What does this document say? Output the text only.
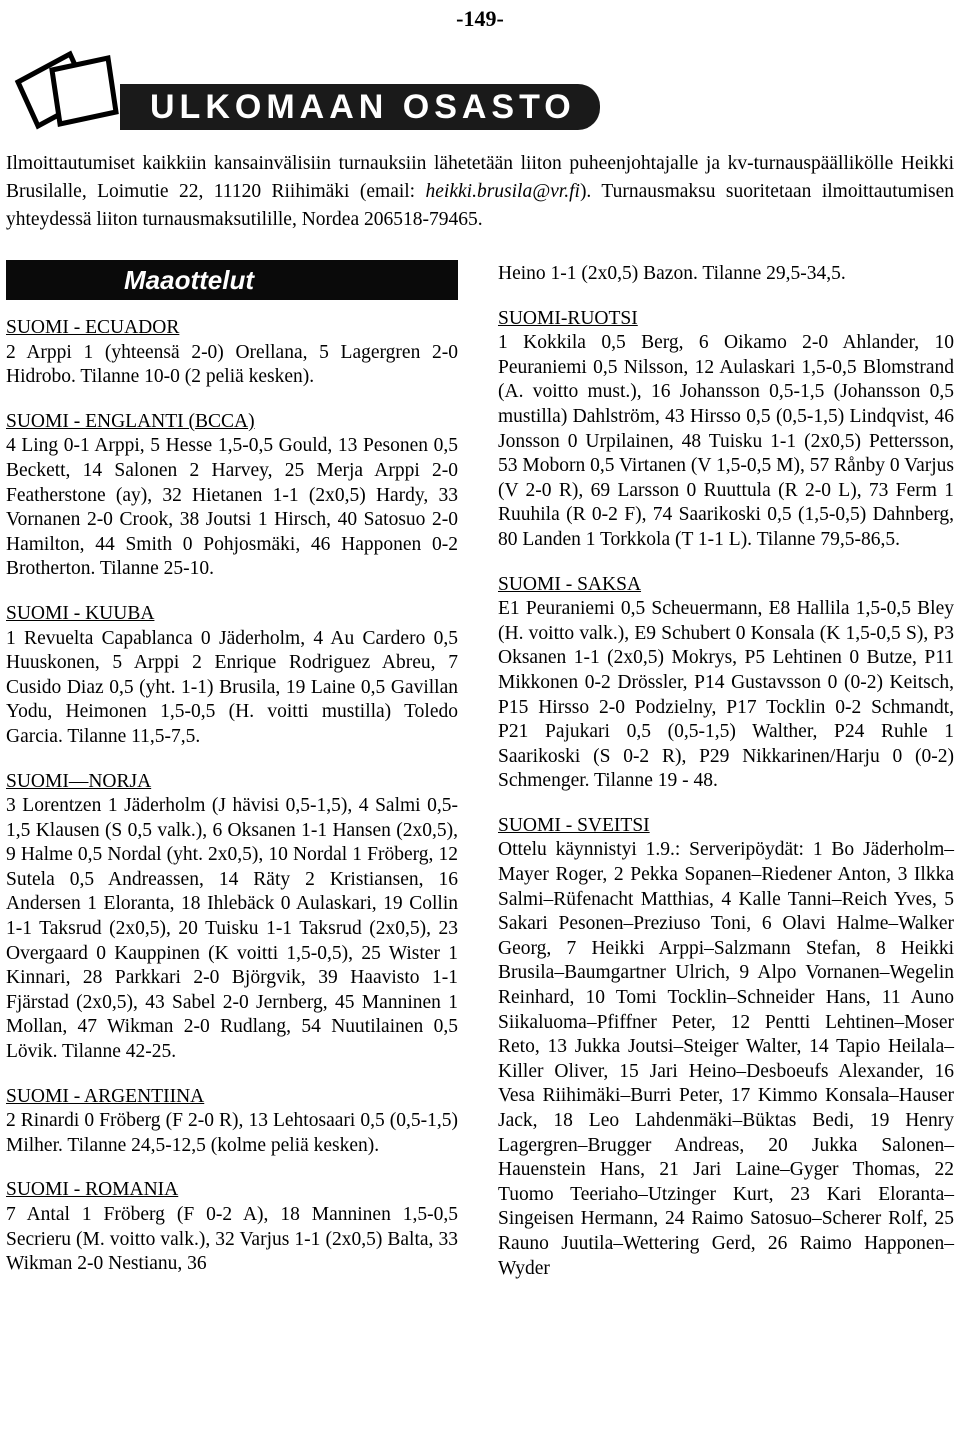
-149-
ULKOMAAN OSASTO
Ilmoittautumiset kaikkiin kansainvälisiin turnauksiin lähetetään liiton puheenjohtajalle ja kv-turnauspäällikölle Heikki Brusilalle, Loimutie 22, 11120 Riihimäki (email: heikki.brusila@vr.fi). Turnausmaksu suoritetaan ilmoittautumisen yhteydessä liiton turnausmaksutilille, Nordea 206518-79465.
Maaottelut
SUOMI - ECUADOR

2 Arppi 1 (yhteensä 2-0) Orellana, 5 Lagergren 2-0 Hidrobo. Tilanne 10-0 (2 peliä kesken).

SUOMI - ENGLANTI (BCCA)

4 Ling 0-1 Arppi, 5 Hesse 1,5-0,5 Gould, 13 Pesonen 0,5 Beckett, 14 Salonen 2 Harvey, 25 Merja Arppi 2-0 Featherstone (ay), 32 Hietanen 1-1 (2x0,5) Hardy, 33 Vornanen 2-0 Crook, 38 Joutsi 1 Hirsch, 40 Satosuo 2-0 Hamilton, 44 Smith 0 Pohjosmäki, 46 Happonen 0-2 Brotherton. Tilanne 25-10.

SUOMI - KUUBA

1 Revuelta Capablanca 0 Jäderholm, 4 Au Cardero 0,5 Huuskonen, 5 Arppi 2 Enrique Rodriguez Abreu, 7 Cusido Diaz 0,5 (yht. 1-1) Brusila, 19 Laine 0,5 Gavillan Yodu, Heimonen 1,5-0,5 (H. voitti mustilla) Toledo Garcia. Tilanne 11,5-7,5.

SUOMI—NORJA

3 Lorentzen 1 Jäderholm (J hävisi 0,5-1,5), 4 Salmi 0,5-1,5 Klausen (S 0,5 valk.), 6 Oksanen 1-1 Hansen (2x0,5), 9 Halme 0,5 Nordal (yht. 2x0,5), 10 Nordal 1 Fröberg, 12 Sutela 0,5 Andreassen, 14 Räty 2 Kristiansen, 16 Andersen 1 Eloranta, 18 Ihlebäck 0 Aulaskari, 19 Collin 1-1 Taksrud (2x0,5), 20 Tuisku 1-1 Taksrud (2x0,5), 23 Overgaard 0 Kauppinen (K voitti 1,5-0,5), 25 Wister 1 Kinnari, 28 Parkkari 2-0 Björgvik, 39 Haavisto 1-1 Fjärstad (2x0,5), 43 Sabel 2-0 Jernberg, 45 Manninen 1 Mollan, 47 Wikman 2-0 Rudlang, 54 Nuutilainen 0,5 Lövik. Tilanne 42-25.

SUOMI - ARGENTIINA

2 Rinardi 0 Fröberg (F 2-0 R), 13 Lehtosaari 0,5 (0,5-1,5) Milher. Tilanne 24,5-12,5 (kolme peliä kesken).

SUOMI - ROMANIA

7 Antal 1 Fröberg (F 0-2 A), 18 Manninen 1,5-0,5 Secrieru (M. voitto valk.), 32 Varjus 1-1 (2x0,5) Balta, 33 Wikman 2-0 Nestianu, 36

Heino 1-1 (2x0,5) Bazon. Tilanne 29,5-34,5.

SUOMI-RUOTSI

1 Kokkila 0,5 Berg, 6 Oikamo 2-0 Ahlander, 10 Peuraniemi 0,5 Nilsson, 12 Aulaskari 1,5-0,5 Blomstrand (A. voitto must.), 16 Johansson 0,5-1,5 (Johansson 0,5 mustilla) Dahlström, 43 Hirsso 0,5 (0,5-1,5) Lindqvist, 46 Jonsson 0 Urpilainen, 48 Tuisku 1-1 (2x0,5) Pettersson, 53 Moborn 0,5 Virtanen (V 1,5-0,5 M), 57 Rånby 0 Varjus (V 2-0 R), 69 Larsson 0 Ruuttula (R 2-0 L), 73 Ferm 1 Ruuhila (R 0-2 F), 74 Saarikoski 0,5 (1,5-0,5) Dahnberg, 80 Landen 1 Torkkola (T 1-1 L). Tilanne 79,5-86,5.

SUOMI - SAKSA

E1 Peuraniemi 0,5 Scheuermann, E8 Hallila 1,5-0,5 Bley (H. voitto valk.), E9 Schubert 0 Konsala (K 1,5-0,5 S), P3 Oksanen 1-1 (2x0,5) Mokrys, P5 Lehtinen 0 Butze, P11 Mikkonen 0-2 Drössler, P14 Gustavsson 0 (0-2) Keitsch, P15 Hirsso 2-0 Podzielny, P17 Tocklin 0-2 Schmandt, P21 Pajukari 0,5 (0,5-1,5) Walther, P24 Ruhle 1 Saarikoski (S 0-2 R), P29 Nikkarinen/Harju 0 (0-2) Schmenger. Tilanne 19 - 48.

SUOMI - SVEITSI

Ottelu käynnistyi 1.9.: Serveripöydät: 1 Bo Jäderholm–Mayer Roger, 2 Pekka Sopanen–Riedener Anton, 3 Ilkka Salmi–Rüfenacht Matthias, 4 Kalle Tanni–Reich Yves, 5 Sakari Pesonen–Preziuso Toni, 6 Olavi Halme–Walker Georg, 7 Heikki Arppi–Salzmann Stefan, 8 Heikki Brusila–Baumgartner Ulrich, 9 Alpo Vornanen–Wegelin Reinhard, 10 Tomi Tocklin–Schneider Hans, 11 Auno Siikaluoma–Pfiffner Peter, 12 Pentti Lehtinen–Moser Reto, 13 Jukka Joutsi–Steiger Walter, 14 Tapio Heilala–Killer Oliver, 15 Jari Heino–Desboeufs Alexander, 16 Vesa Riihimäki–Burri Peter, 17 Kimmo Konsala–Hauser Jack, 18 Leo Lahdenmäki–Büktas Bedi, 19 Henry Lagergren–Brugger Andreas, 20 Jukka Salonen–Hauenstein Hans, 21 Jari Laine–Gyger Thomas, 22 Tuomo Teeriaho–Utzinger Kurt, 23 Kari Eloranta–Singeisen Hermann, 24 Raimo Satosuo–Scherer Rolf, 25 Rauno Juutila–Wettering Gerd, 26 Raimo Happonen–Wyder
